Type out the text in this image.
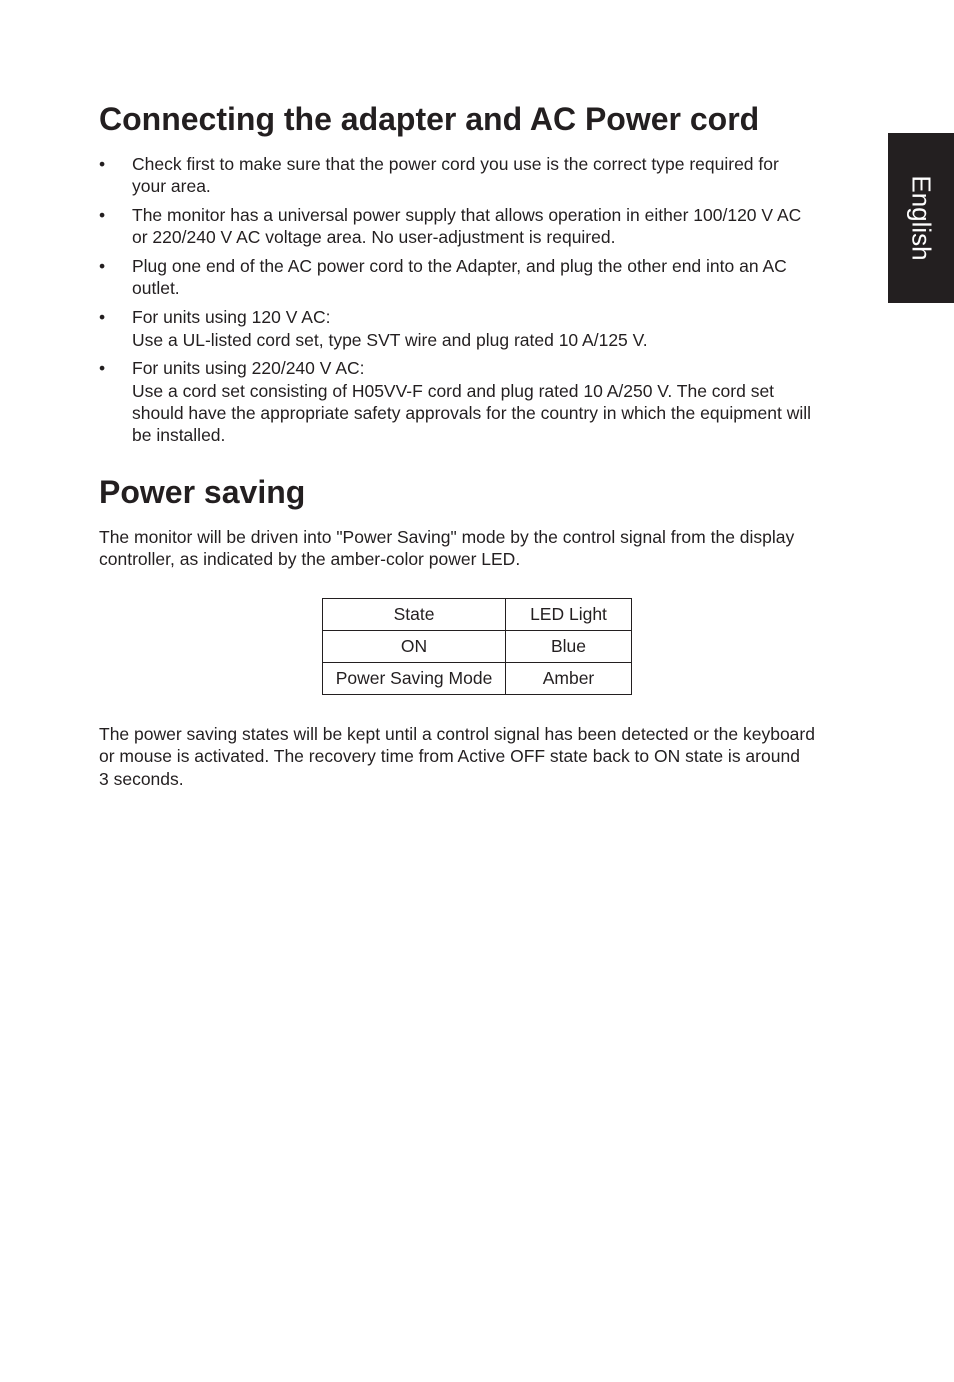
English
Connecting the adapter and AC Power cord
• Check first to make sure that the power cord you use is the correct type required for
your area.
• The monitor has a universal power supply that allows operation in either 100/120 V AC
or 220/240 V AC voltage area. No user-adjustment is required.
• Plug one end of the AC power cord to the Adapter, and plug the other end into an AC
outlet.
• For units using 120 V AC:
Use a UL-listed cord set, type SVT wire and plug rated 10 A/125 V.
• For units using 220/240 V AC:
Use a cord set consisting of H05VV-F cord and plug rated 10 A/250 V. The cord set
should have the appropriate safety approvals for the country in which the equipment will
be installed.
Power saving

The monitor will be driven into "Power Saving" mode by the control signal from the display
controller, as indicated by the amber-color power LED.

State	LED Light
ON	Blue
Power Saving Mode	Amber

The power saving states will be kept until a control signal has been detected or the keyboard
or mouse is activated. The recovery time from Active OFF state back to ON state is around
3 seconds.
